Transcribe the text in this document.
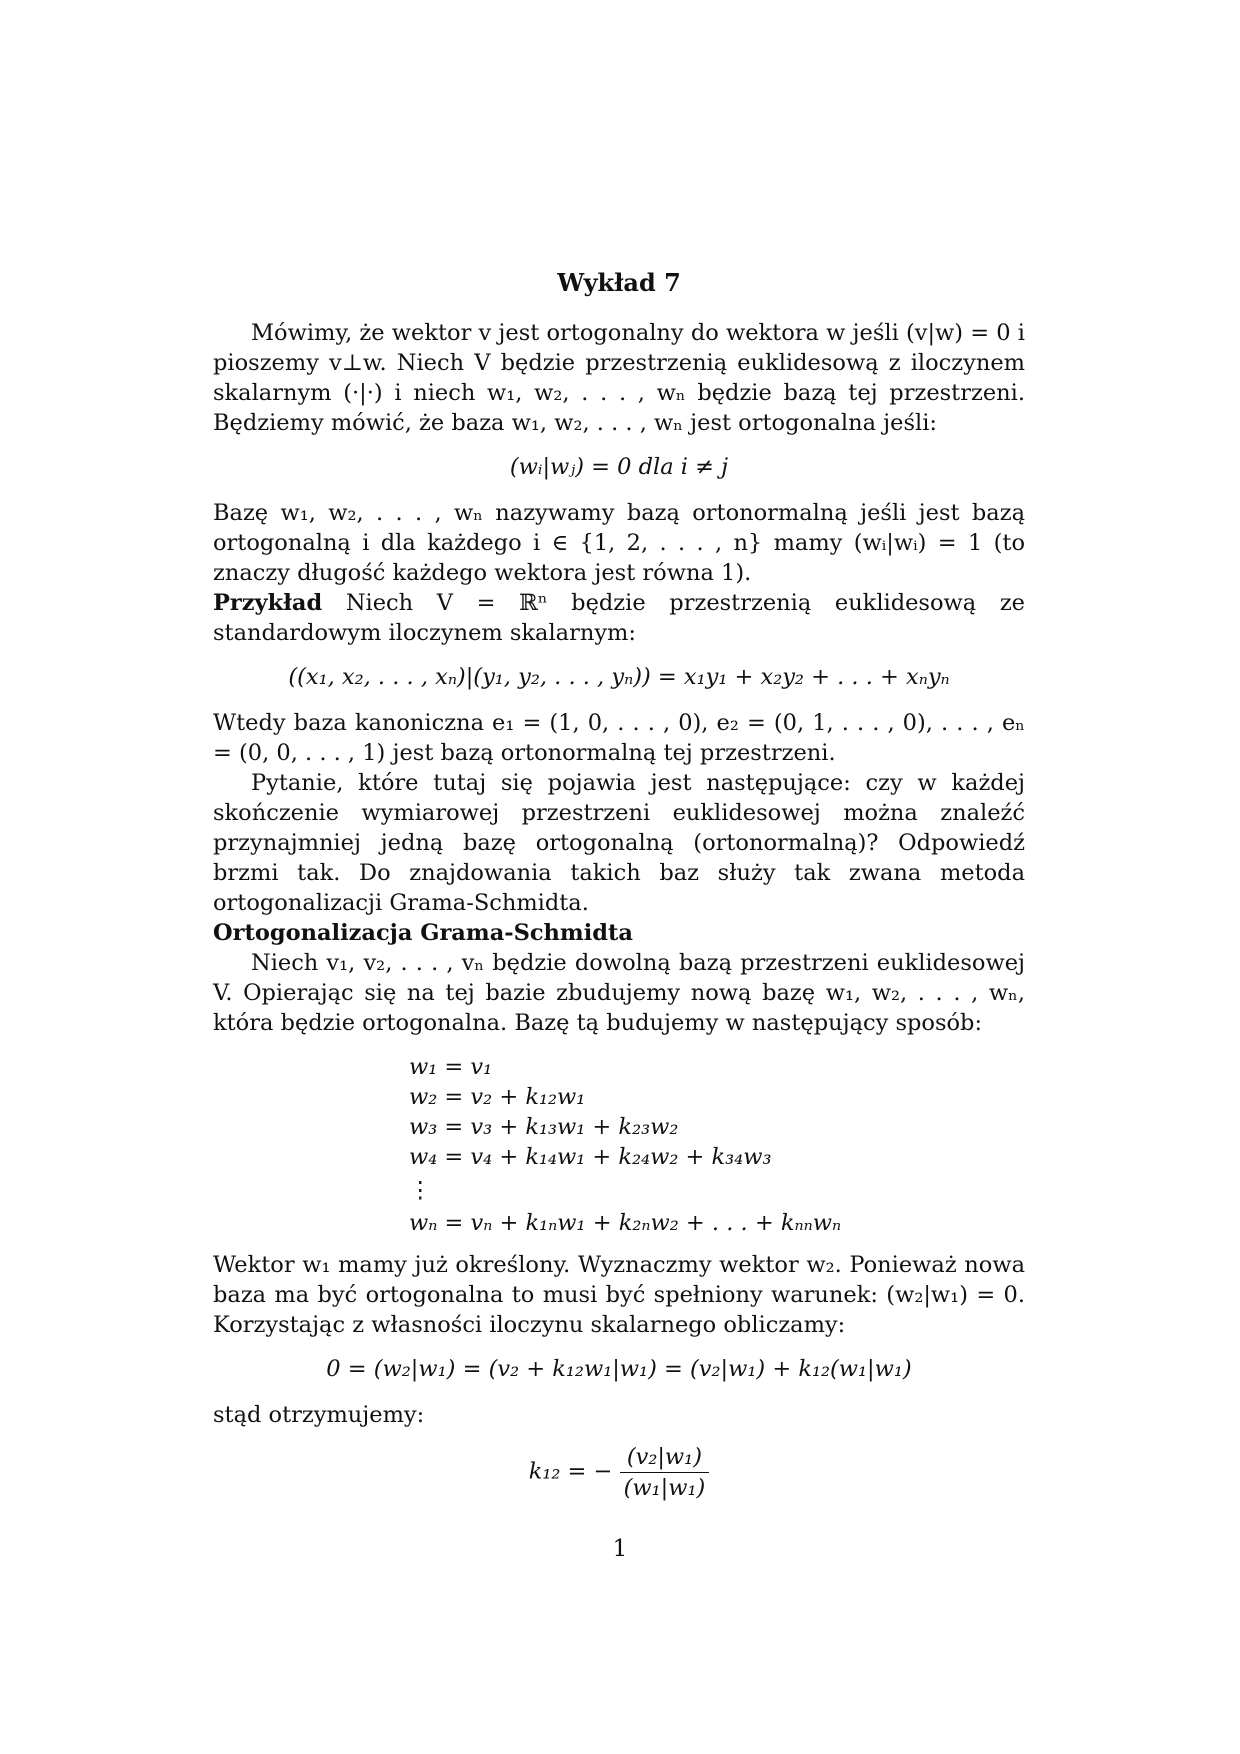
Wykład 7

Mówimy, że wektor v jest ortogonalny do wektora w jeśli (v|w) = 0 i pioszemy v⊥w. Niech V będzie przestrzenią euklidesową z iloczynem skalarnym (·|·) i niech w₁, w₂, . . . , wₙ będzie bazą tej przestrzeni. Będziemy mówić, że baza w₁, w₂, . . . , wₙ jest ortogonalna jeśli:

(wᵢ|wⱼ) = 0 dla i ≠ j

Bazę w₁, w₂, . . . , wₙ nazywamy bazą ortonormalną jeśli jest bazą ortogonalną i dla każdego i ∈ {1, 2, . . . , n} mamy (wᵢ|wᵢ) = 1 (to znaczy długość każdego wektora jest równa 1).

Przykład Niech V = ℝⁿ będzie przestrzenią euklidesową ze standardowym iloczynem skalarnym:

((x₁, x₂, . . . , xₙ)|(y₁, y₂, . . . , yₙ)) = x₁y₁ + x₂y₂ + . . . + xₙyₙ

Wtedy baza kanoniczna e₁ = (1, 0, . . . , 0), e₂ = (0, 1, . . . , 0), . . . , eₙ = (0, 0, . . . , 1) jest bazą ortonormalną tej przestrzeni.

Pytanie, które tutaj się pojawia jest następujące: czy w każdej skończenie wymiarowej przestrzeni euklidesowej można znaleźć przynajmniej jedną bazę ortogonalną (ortonormalną)? Odpowiedź brzmi tak. Do znajdowania takich baz służy tak zwana metoda ortogonalizacji Grama-Schmidta.

Ortogonalizacja Grama-Schmidta

Niech v₁, v₂, . . . , vₙ będzie dowolną bazą przestrzeni euklidesowej V. Opierając się na tej bazie zbudujemy nową bazę w₁, w₂, . . . , wₙ, która będzie ortogonalna. Bazę tą budujemy w następujący sposób:

w₁ = v₁
w₂ = v₂ + k₁₂w₁
w₃ = v₃ + k₁₃w₁ + k₂₃w₂
w₄ = v₄ + k₁₄w₁ + k₂₄w₂ + k₃₄w₃
⋮
wₙ = vₙ + k₁ₙw₁ + k₂ₙw₂ + . . . + kₙₙwₙ

Wektor w₁ mamy już określony. Wyznaczmy wektor w₂. Ponieważ nowa baza ma być ortogonalna to musi być spełniony warunek: (w₂|w₁) = 0. Korzystając z własności iloczynu skalarnego obliczamy:

0 = (w₂|w₁) = (v₂ + k₁₂w₁|w₁) = (v₂|w₁) + k₁₂(w₁|w₁)

stąd otrzymujemy:

k₁₂ = − $\frac{\text{(v₂|w₁)}}{\text{(w₁|w₁)}}$
1
